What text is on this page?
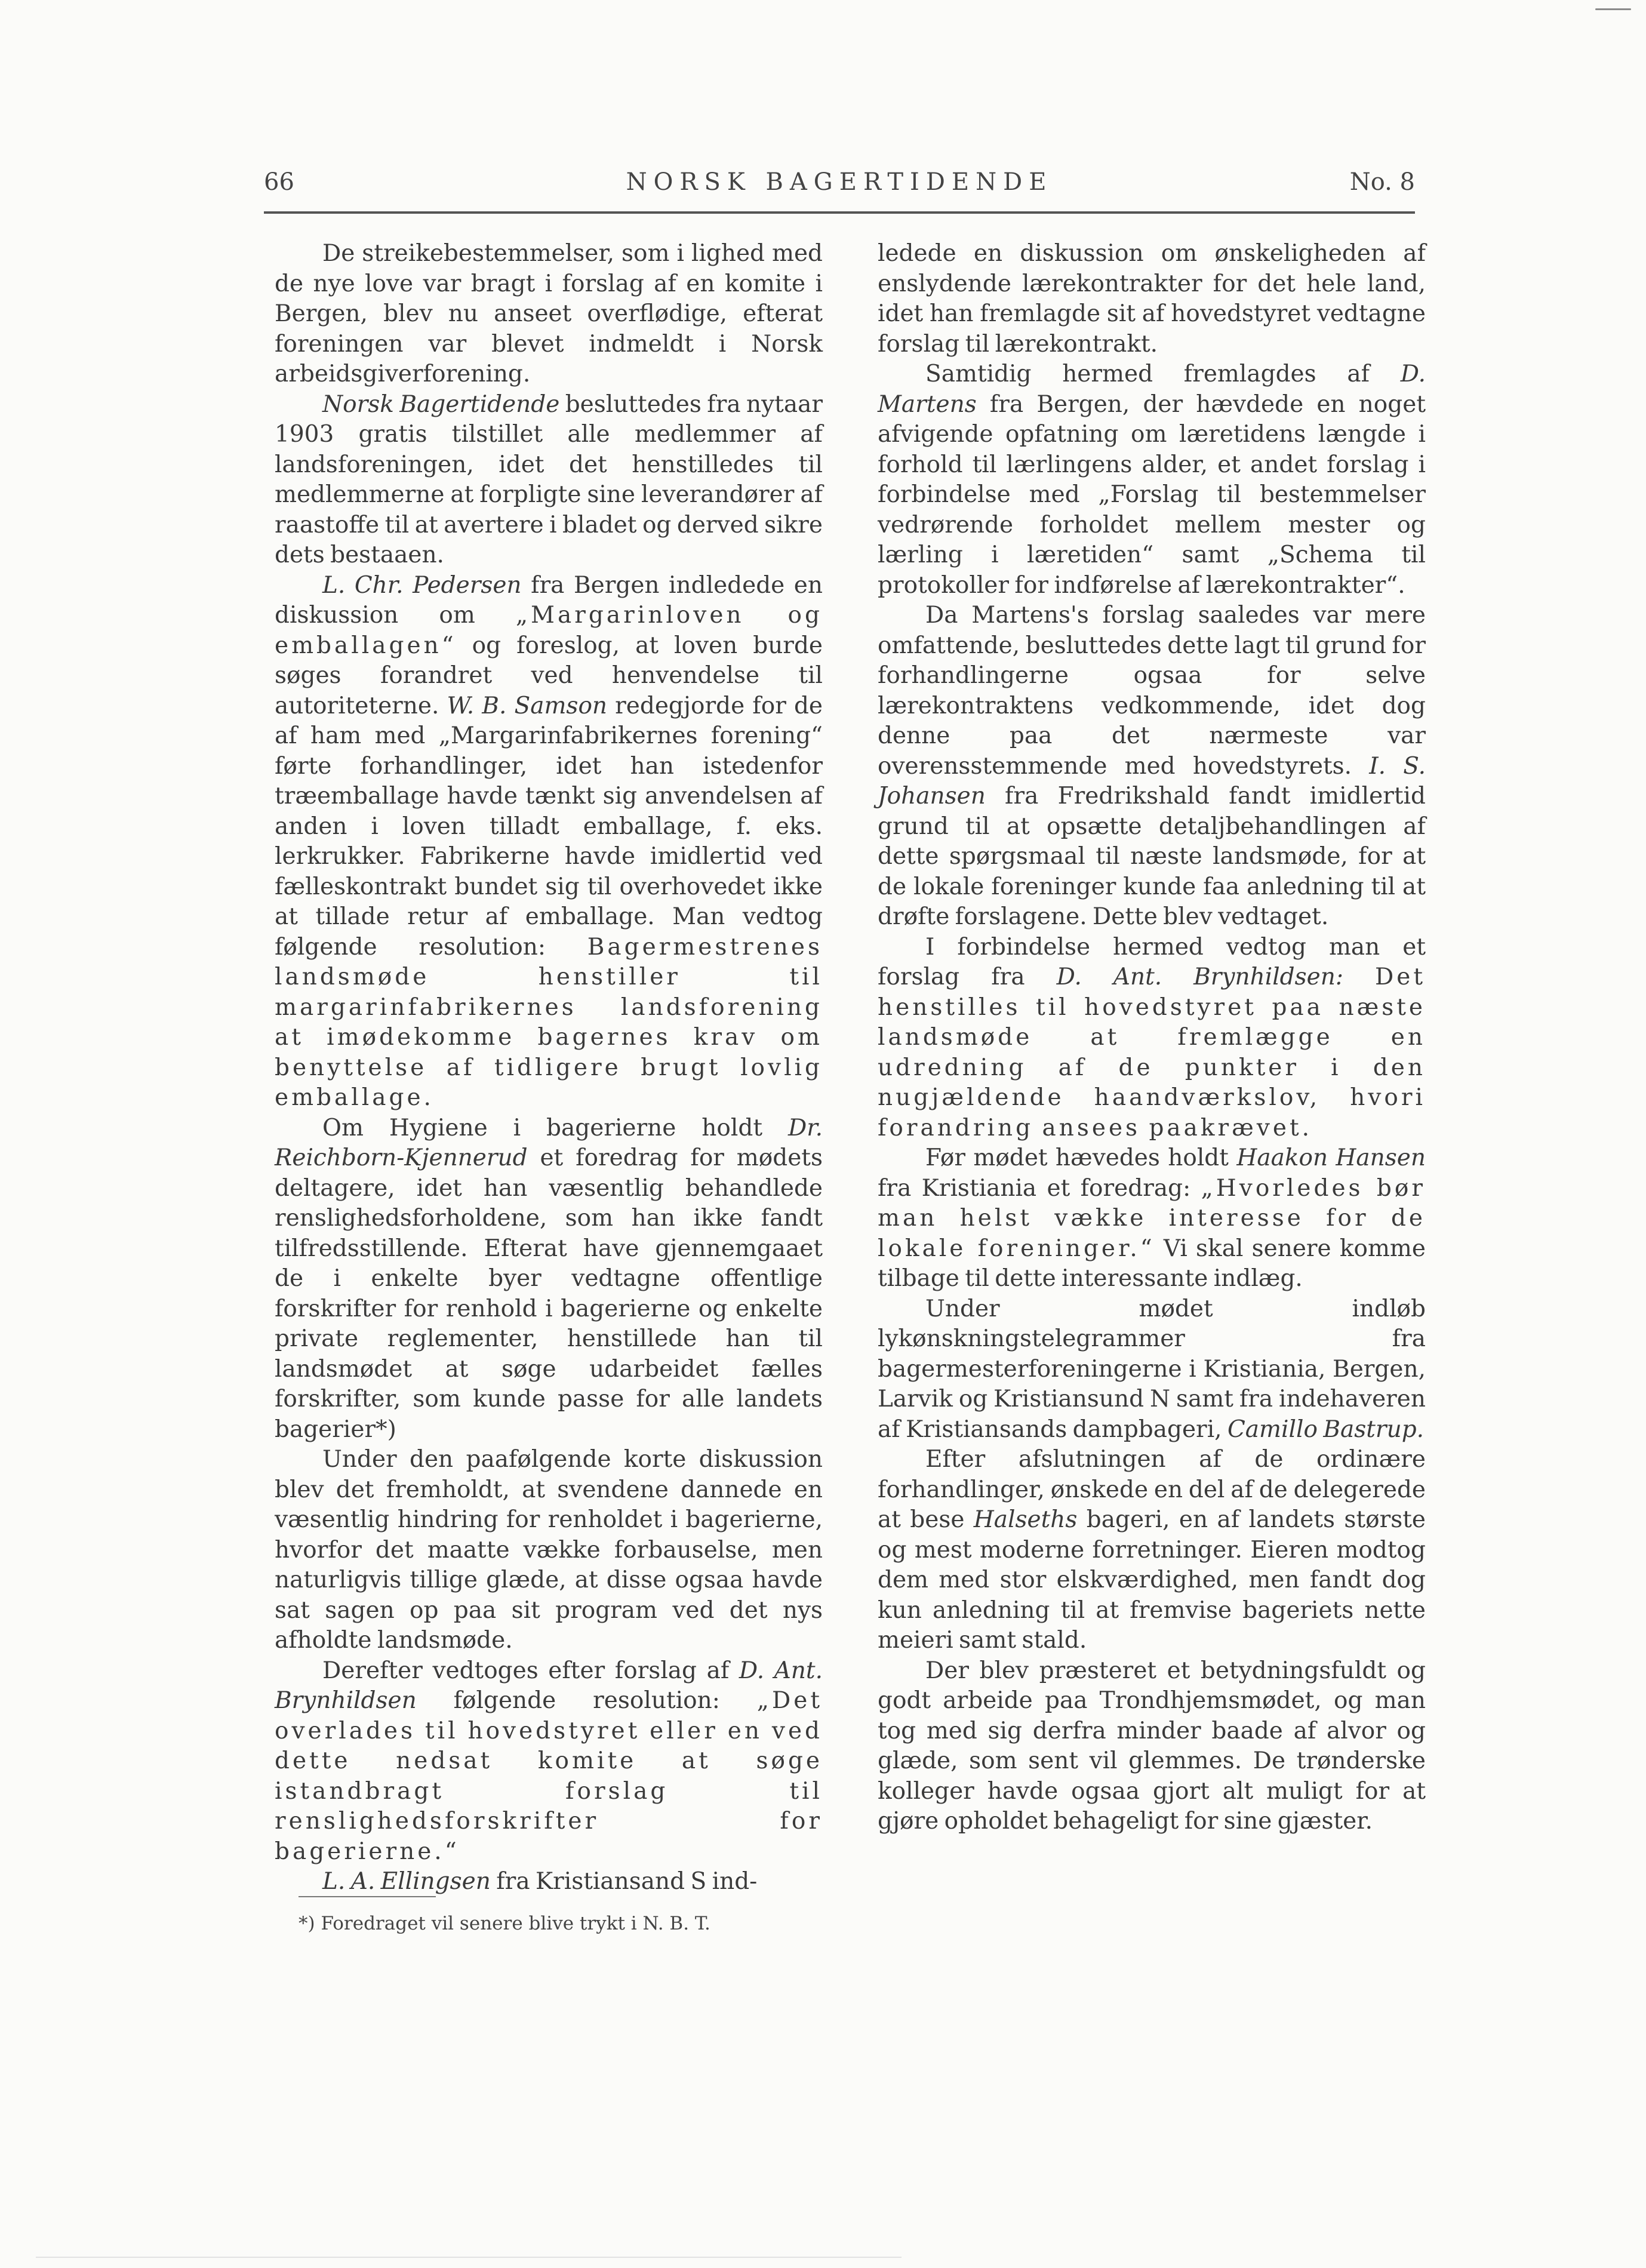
66	NORSK BAGERTIDENDE	No. 8

De streikebestemmelser, som i lighed med de nye love var bragt i forslag af en komite i Bergen, blev nu anseet overflødige, efterat foreningen var blevet indmeldt i Norsk arbeidsgiverforening.

Norsk Bagertidende besluttedes fra nytaar 1903 gratis tilstillet alle medlemmer af landsforeningen, idet det henstilledes til medlemmerne at forpligte sine leverandører af raastoffe til at avertere i bladet og derved sikre dets bestaaen.

L. Chr. Pedersen fra Bergen indledede en diskussion om „Margarinloven og emballagen“ og foreslog, at loven burde søges forandret ved henvendelse til autoriteterne. W. B. Samson redegjorde for de af ham med „Margarinfabrikernes forening“ førte forhandlinger, idet han istedenfor træemballage havde tænkt sig anvendelsen af anden i loven tilladt emballage, f. eks. lerkrukker. Fabrikerne havde imidlertid ved fælleskontrakt bundet sig til overhovedet ikke at tillade retur af emballage. Man vedtog følgende resolution: Bagermestrenes landsmøde henstiller til margarinfabrikernes landsforening at imødekomme bagernes krav om benyttelse af tidligere brugt lovlig emballage.

Om Hygiene i bagerierne holdt Dr. Reichborn-Kjennerud et foredrag for mødets deltagere, idet han væsentlig behandlede renslighedsforholdene, som han ikke fandt tilfredsstillende. Efterat have gjennemgaaet de i enkelte byer vedtagne offentlige forskrifter for renhold i bagerierne og enkelte private reglementer, henstillede han til landsmødet at søge udarbeidet fælles forskrifter, som kunde passe for alle landets bagerier*)

Under den paafølgende korte diskussion blev det fremholdt, at svendene dannede en væsentlig hindring for renholdet i bagerierne, hvorfor det maatte vække forbauselse, men naturligvis tillige glæde, at disse ogsaa havde sat sagen op paa sit program ved det nys afholdte landsmøde.

Derefter vedtoges efter forslag af D. Ant. Brynhildsen følgende resolution: „Det overlades til hovedstyret eller en ved dette nedsat komite at søge istandbragt forslag til renslighedsforskrifter for bagerierne.“

L. A. Ellingsen fra Kristiansand S ind-

ledede en diskussion om ønskeligheden af enslydende lærekontrakter for det hele land, idet han fremlagde sit af hovedstyret vedtagne forslag til lærekontrakt.

Samtidig hermed fremlagdes af D. Martens fra Bergen, der hævdede en noget afvigende opfatning om læretidens længde i forhold til lærlingens alder, et andet forslag i forbindelse med „Forslag til bestemmelser vedrørende forholdet mellem mester og lærling i læretiden“ samt „Schema til protokoller for indførelse af lærekontrakter“.

Da Martens's forslag saaledes var mere omfattende, besluttedes dette lagt til grund for forhandlingerne ogsaa for selve lærekontraktens vedkommende, idet dog denne paa det nærmeste var overensstemmende med hovedstyrets. I. S. Johansen fra Fredrikshald fandt imidlertid grund til at opsætte detaljbehandlingen af dette spørgsmaal til næste landsmøde, for at de lokale foreninger kunde faa anledning til at drøfte forslagene. Dette blev vedtaget.

I forbindelse hermed vedtog man et forslag fra D. Ant. Brynhildsen: Det henstilles til hovedstyret paa næste landsmøde at fremlægge en udredning af de punkter i den nugjældende haandværkslov, hvori forandring ansees paakrævet.

Før mødet hævedes holdt Haakon Hansen fra Kristiania et foredrag: „Hvorledes bør man helst vække interesse for de lokale foreninger.“ Vi skal senere komme tilbage til dette interessante indlæg.

Under mødet indløb lykønskningstelegrammer fra bagermesterforeningerne i Kristiania, Bergen, Larvik og Kristiansund N samt fra indehaveren af Kristiansands dampbageri, Camillo Bastrup.

Efter afslutningen af de ordinære forhandlinger, ønskede en del af de delegerede at bese Halseths bageri, en af landets største og mest moderne forretninger. Eieren modtog dem med stor elskværdighed, men fandt dog kun anledning til at fremvise bageriets nette meieri samt stald.

Der blev præsteret et betydningsfuldt og godt arbeide paa Trondhjemsmødet, og man tog med sig derfra minder baade af alvor og glæde, som sent vil glemmes. De trønderske kolleger havde ogsaa gjort alt muligt for at gjøre opholdet behageligt for sine gjæster.

*) Foredraget vil senere blive trykt i N. B. T.
